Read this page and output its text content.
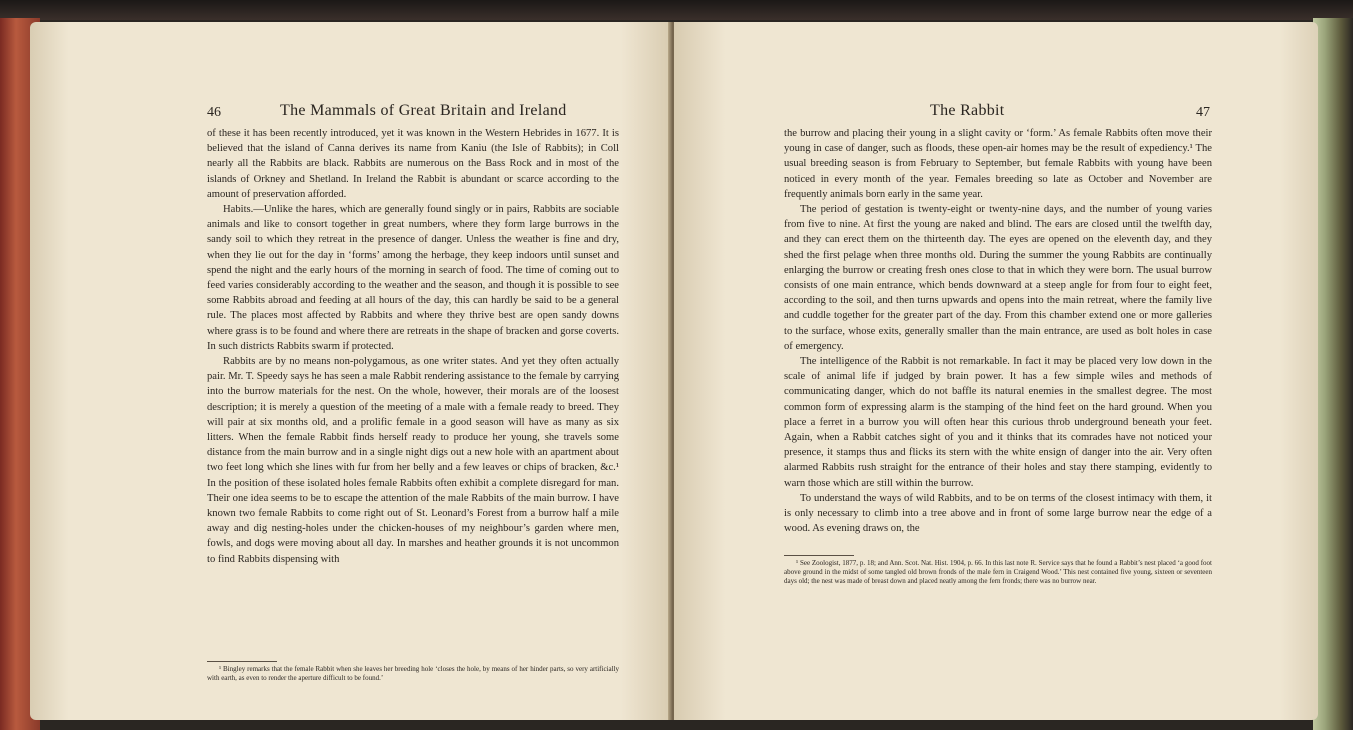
46	The Mammals of Great Britain and Ireland

of these it has been recently introduced, yet it was known in the Western Hebrides in 1677. It is believed that the island of Canna derives its name from Kaniu (the Isle of Rabbits); in Coll nearly all the Rabbits are black. Rabbits are numerous on the Bass Rock and in most of the islands of Orkney and Shetland. In Ireland the Rabbit is abundant or scarce according to the amount of preservation afforded.

Habits.—Unlike the hares, which are generally found singly or in pairs, Rabbits are sociable animals and like to consort together in great numbers, where they form large burrows in the sandy soil to which they retreat in the presence of danger. Unless the weather is fine and dry, when they lie out for the day in ‘forms’ among the herbage, they keep indoors until sunset and spend the night and the early hours of the morning in search of food. The time of coming out to feed varies considerably according to the weather and the season, and though it is possible to see some Rabbits abroad and feeding at all hours of the day, this can hardly be said to be a general rule. The places most affected by Rabbits and where they thrive best are open sandy downs where grass is to be found and where there are retreats in the shape of bracken and gorse coverts. In such districts Rabbits swarm if protected.

Rabbits are by no means non-polygamous, as one writer states. And yet they often actually pair. Mr. T. Speedy says he has seen a male Rabbit rendering assistance to the female by carrying into the burrow materials for the nest. On the whole, however, their morals are of the loosest description; it is merely a question of the meeting of a male with a female ready to breed. They will pair at six months old, and a prolific female in a good season will have as many as six litters. When the female Rabbit finds herself ready to produce her young, she travels some distance from the main burrow and in a single night digs out a new hole with an apartment about two feet long which she lines with fur from her belly and a few leaves or chips of bracken, &c.¹ In the position of these isolated holes female Rabbits often exhibit a complete disregard for man. Their one idea seems to be to escape the attention of the male Rabbits of the main burrow. I have known two female Rabbits to come right out of St. Leonard’s Forest from a burrow half a mile away and dig nesting-holes under the chicken-houses of my neighbour’s garden where men, fowls, and dogs were moving about all day. In marshes and heather grounds it is not uncommon to find Rabbits dispensing with

¹ Bingley remarks that the female Rabbit when she leaves her breeding hole ‘closes the hole, by means of her hinder parts, so very artificially with earth, as even to render the aperture difficult to be found.’

The Rabbit	47

the burrow and placing their young in a slight cavity or ‘form.’ As female Rabbits often move their young in case of danger, such as floods, these open-air homes may be the result of expediency.¹ The usual breeding season is from February to September, but female Rabbits with young have been noticed in every month of the year. Females breeding so late as October and November are frequently animals born early in the same year.

The period of gestation is twenty-eight or twenty-nine days, and the number of young varies from five to nine. At first the young are naked and blind. The ears are closed until the twelfth day, and they can erect them on the thirteenth day. The eyes are opened on the eleventh day, and they shed the first pelage when three months old. During the summer the young Rabbits are continually enlarging the burrow or creating fresh ones close to that in which they were born. The usual burrow consists of one main entrance, which bends downward at a steep angle for from four to eight feet, according to the soil, and then turns upwards and opens into the main retreat, where the family live and cuddle together for the greater part of the day. From this chamber extend one or more galleries to the surface, whose exits, generally smaller than the main entrance, are used as bolt holes in case of emergency.

The intelligence of the Rabbit is not remarkable. In fact it may be placed very low down in the scale of animal life if judged by brain power. It has a few simple wiles and methods of communicating danger, which do not baffle its natural enemies in the smallest degree. The most common form of expressing alarm is the stamping of the hind feet on the hard ground. When you place a ferret in a burrow you will often hear this curious throb underground beneath your feet. Again, when a Rabbit catches sight of you and it thinks that its comrades have not noticed your presence, it stamps thus and flicks its stern with the white ensign of danger into the air. Very often alarmed Rabbits rush straight for the entrance of their holes and stay there stamping, evidently to warn those which are still within the burrow.

To understand the ways of wild Rabbits, and to be on terms of the closest intimacy with them, it is only necessary to climb into a tree above and in front of some large burrow near the edge of a wood. As evening draws on, the

¹ See Zoologist, 1877, p. 18; and Ann. Scot. Nat. Hist. 1904, p. 66. In this last note R. Service says that he found a Rabbit’s nest placed ‘a good foot above ground in the midst of some tangled old brown fronds of the male fern in Craigend Wood.’ This nest contained five young, sixteen or seventeen days old; the nest was made of breast down and placed neatly among the fern fronds; there was no burrow near.
